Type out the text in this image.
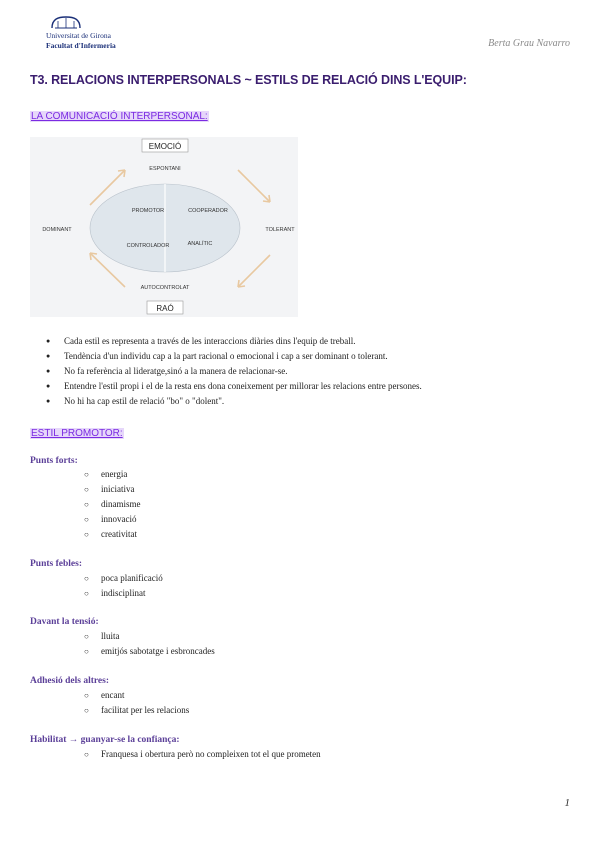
Universitat de Girona
Facultat d'Infermeria	Berta Grau Navarro
T3. RELACIONS INTERPERSONALS ~ ESTILS DE RELACIÓ DINS L'EQUIP:
LA COMUNICACIÓ INTERPERSONAL:
EMOCIÓ
ESPONTANI
PROMOTOR	COOPERADOR
CONTROLADOR	ANALÍTIC
DOMINANT	TOLERANT
AUTOCONTROLAT
RAÓ
● Cada estil es representa a través de les interaccions diàries dins l'equip de treball.
● Tendència d'un individu cap a la part racional o emocional i cap a ser dominant o tolerant.
● No fa referència al lideratge,sinó a la manera de relacionar-se.
● Entendre l'estil propi i el de la resta ens dona coneixement per millorar les relacions entre persones.
● No hi ha cap estil de relació "bo" o "dolent".
ESTIL PROMOTOR:
Punts forts:
○ energia
○ iniciativa
○ dinamisme
○ innovació
○ creativitat
Punts febles:
○ poca planificació
○ indisciplinat
Davant la tensió:
○ lluita
○ emitjós sabotatge i esbroncades
Adhesió dels altres:
○ encant
○ facilitat per les relacions
Habilitat → guanyar-se la confiança:
○ Franquesa i obertura però no compleixen tot el que prometen
1
